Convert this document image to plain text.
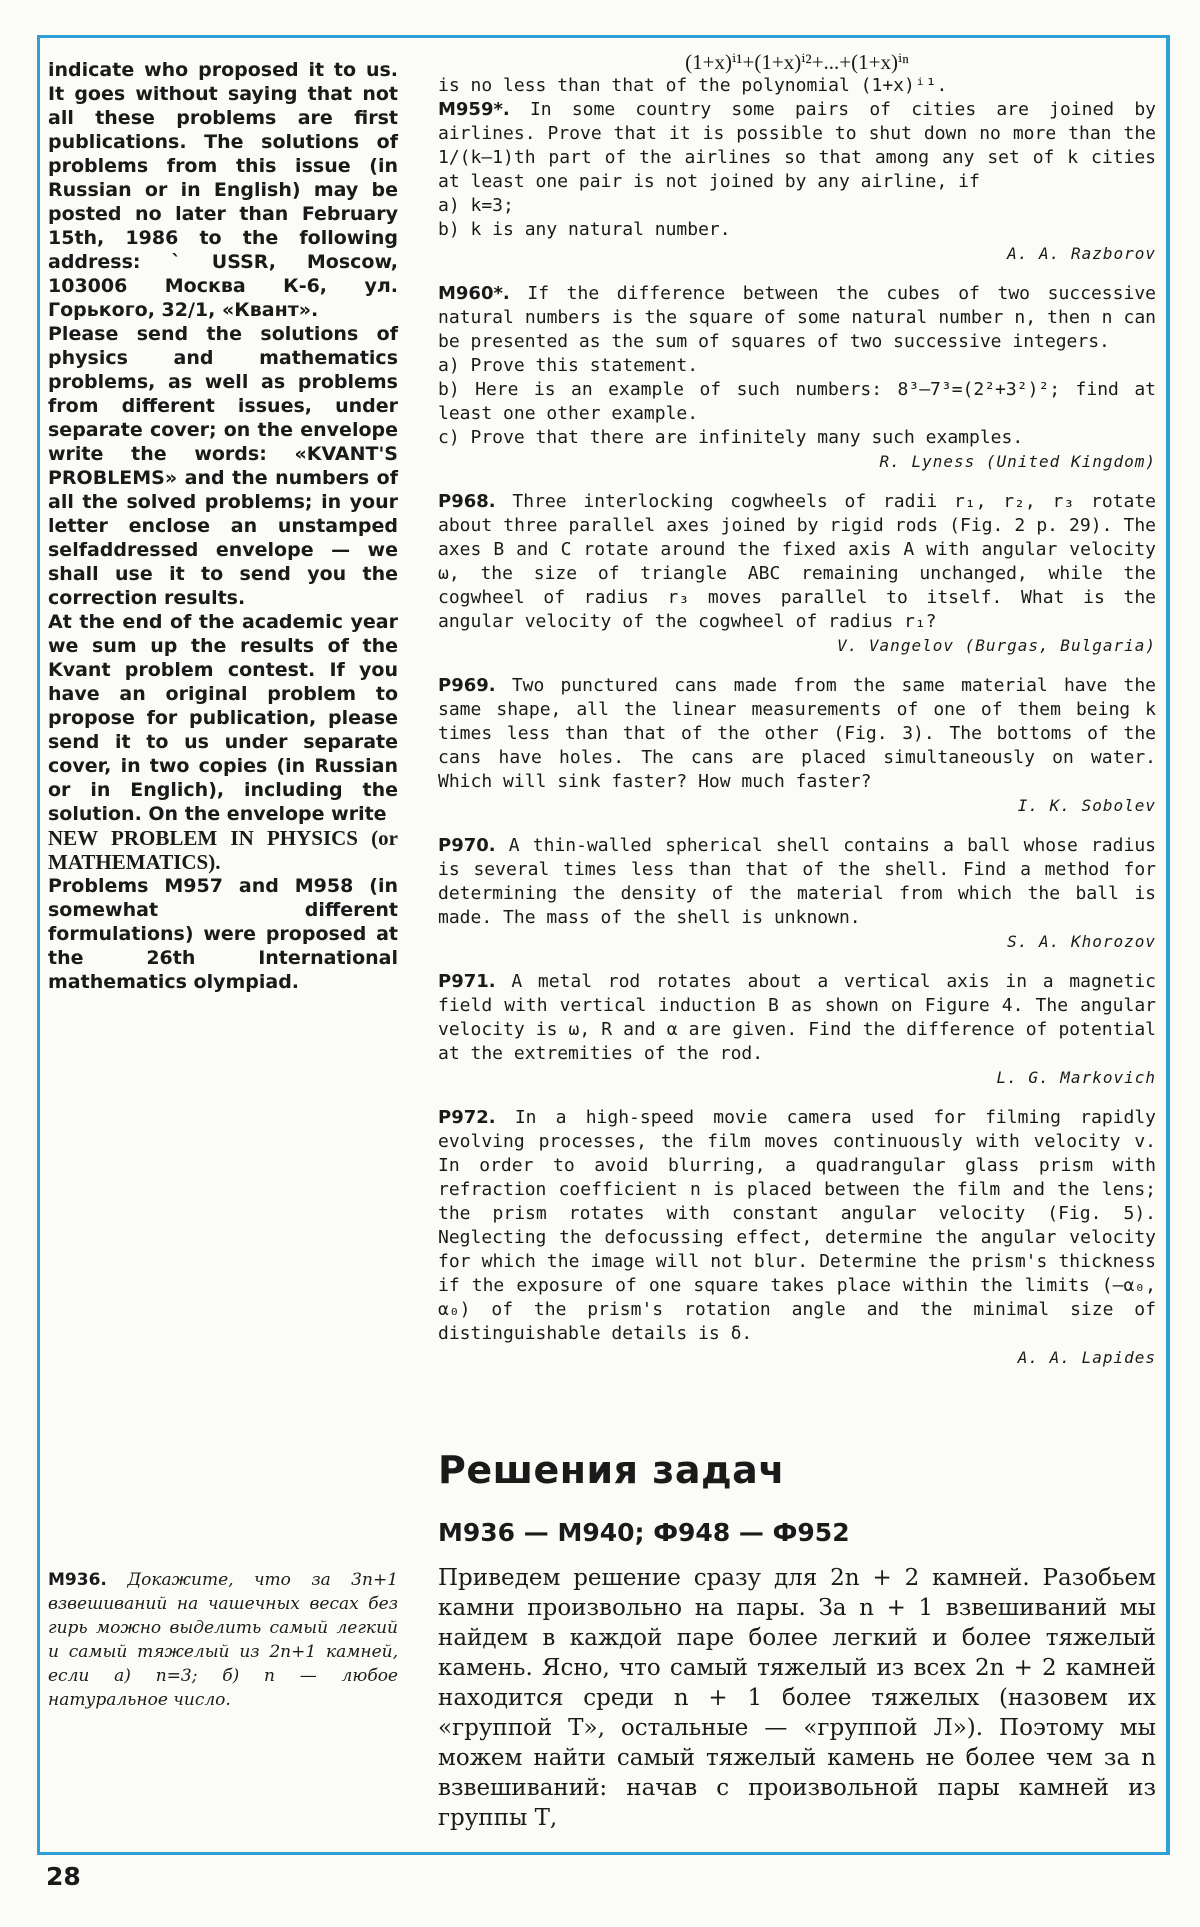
indicate who proposed it to us. It goes without saying that not all these problems are first publications. The solutions of problems from this issue (in Russian or in English) may be posted no later than February 15th, 1986 to the following address: ` USSR, Moscow, 103006 Москва К-6, ул. Горького, 32/1, «Квант».

Please send the solutions of physics and mathematics problems, as well as problems from different issues, under separate cover; on the envelope write the words: «KVANT'S PROBLEMS» and the numbers of all the solved problems; in your letter enclose an unstamped selfaddressed envelope — we shall use it to send you the correction results.

At the end of the academic year we sum up the results of the Kvant problem contest. If you have an original problem to propose for publication, please send it to us under separate cover, in two copies (in Russian or in Englich), including the solution. On the envelope write

NEW PROBLEM IN PHYSICS (or MATHEMATICS).

Problems M957 and M958 (in somewhat different formulations) were proposed at the 26th International mathematics olympiad.

(1+x)ⁱ¹+(1+x)ⁱ²+...+(1+x)ⁱⁿ

is no less than that of the polynomial (1+x)ⁱ¹.

M959*. In some country some pairs of cities are joined by airlines. Prove that it is possible to shut down no more than the 1/(k—1)th part of the airlines so that among any set of k cities at least one pair is not joined by any airline, if

a) k=3;

b) k is any natural number.

A. A. Razborov

M960*. If the difference between the cubes of two successive natural numbers is the square of some natural number n, then n can be presented as the sum of squares of two successive integers.

a) Prove this statement.

b) Here is an example of such numbers: 8³—7³=(2²+3²)²; find at least one other example.

c) Prove that there are infinitely many such examples.

R. Lyness (United Kingdom)

P968. Three interlocking cogwheels of radii r₁, r₂, r₃ rotate about three parallel axes joined by rigid rods (Fig. 2 p. 29). The axes B and C rotate around the fixed axis A with angular velocity ω, the size of triangle ABC remaining unchanged, while the cogwheel of radius r₃ moves parallel to itself. What is the angular velocity of the cogwheel of radius r₁?

V. Vangelov (Burgas, Bulgaria)

P969. Two punctured cans made from the same material have the same shape, all the linear measurements of one of them being k times less than that of the other (Fig. 3). The bottoms of the cans have holes. The cans are placed simultaneously on water. Which will sink faster? How much faster?

I. K. Sobolev

P970. A thin-walled spherical shell contains a ball whose radius is several times less than that of the shell. Find a method for determining the density of the material from which the ball is made. The mass of the shell is unknown.

S. A. Khorozov

P971. A metal rod rotates about a vertical axis in a magnetic field with vertical induction B as shown on Figure 4. The angular velocity is ω, R and α are given. Find the difference of potential at the extremities of the rod.

L. G. Markovich

P972. In a high-speed movie camera used for filming rapidly evolving processes, the film moves continuously with velocity v. In order to avoid blurring, a quadrangular glass prism with refraction coefficient n is placed between the film and the lens; the prism rotates with constant angular velocity (Fig. 5). Neglecting the defocussing effect, determine the angular velocity for which the image will not blur. Determine the prism's thickness if the exposure of one square takes place within the limits (—α₀, α₀) of the prism's rotation angle and the minimal size of distinguishable details is δ.

A. A. Lapides

Решения задач
M936 — M940; Ф948 — Ф952
M936. Докажите, что за 3n+1 взвешиваний на чашечных весах без гирь можно выделить самый легкий и самый тяжелый из 2n+1 камней, если а) n=3; б) n — любое натуральное число.
Приведем решение сразу для 2n + 2 камней. Разобьем камни произвольно на пары. За n + 1 взвешиваний мы найдем в каждой паре более легкий и более тяжелый камень. Ясно, что самый тяжелый из всех 2n + 2 камней находится среди n + 1 более тяжелых (назовем их «группой Т», остальные — «группой Л»). Поэтому мы можем найти самый тяжелый камень не более чем за n взвешиваний: начав с произвольной пары камней из группы Т,
28
